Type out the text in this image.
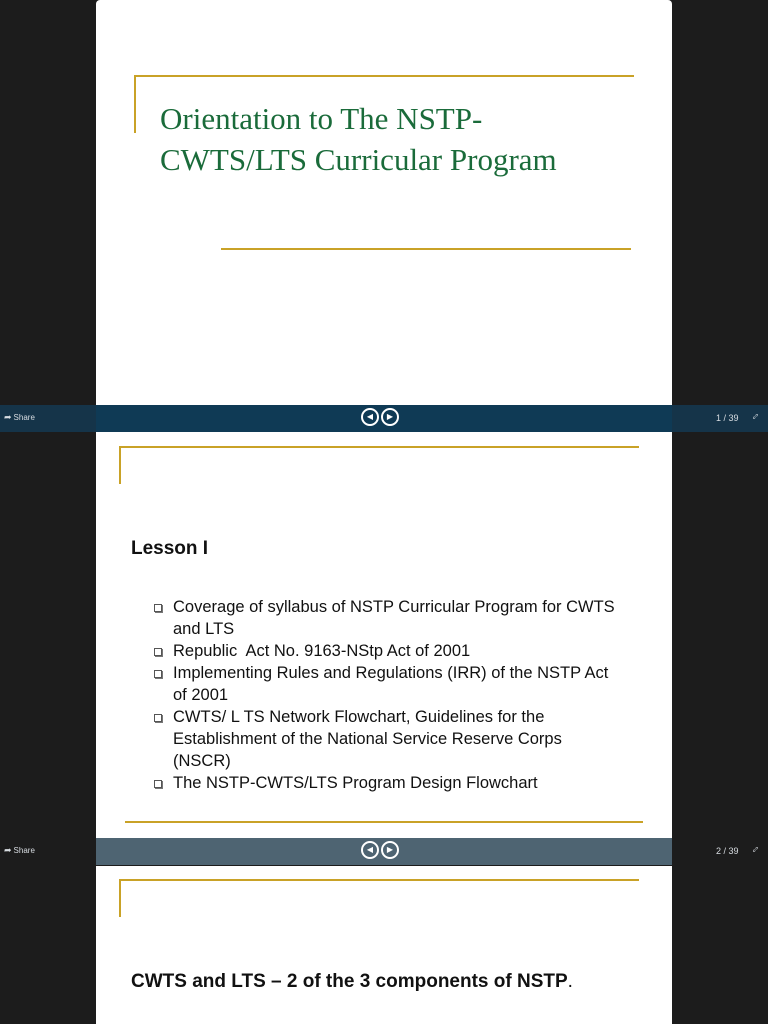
Orientation to The NSTP-
CWTS/LTS Curricular Program
➦ Share	◀ ▶	1 / 39 ⇔
Lesson I
Coverage of syllabus of NSTP Curricular Program for CWTS and LTS
Republic  Act No. 9163-NStp Act of 2001
Implementing Rules and Regulations (IRR) of the NSTP Act of 2001
CWTS/ L TS Network Flowchart, Guidelines for the Establishment of the National Service Reserve Corps (NSCR)
The NSTP-CWTS/LTS Program Design Flowchart
➦ Share	◀ ▶	2 / 39 ⇔
CWTS and LTS – 2 of the 3 components of NSTP.
